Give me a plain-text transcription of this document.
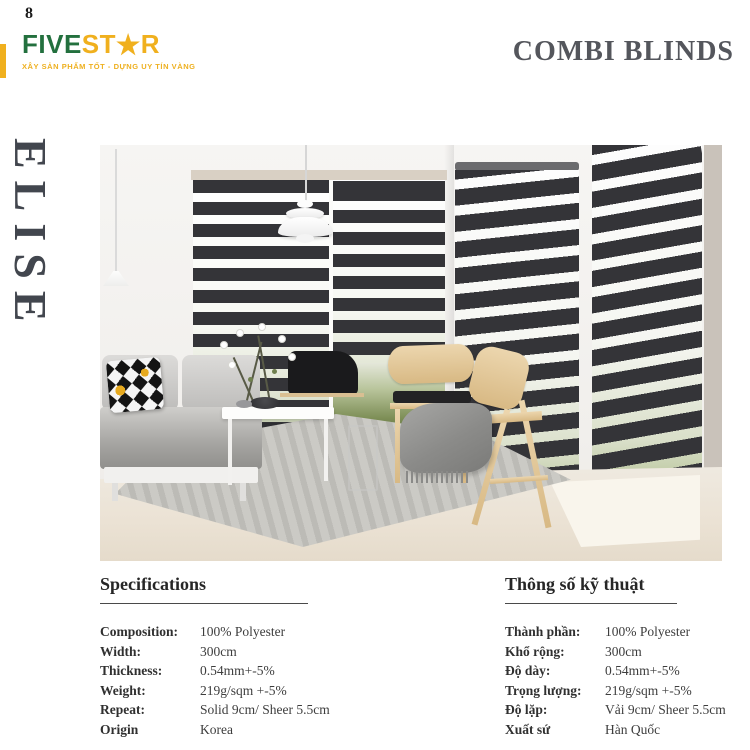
8
FIVEST★R
XÂY SẢN PHẨM TỐT - DỰNG UY TÍN VÀNG	COMBI BLINDS
ELISE
Specifications
Composition:	100% Polyester
Width:	300cm
Thickness:	0.54mm+-5%
Weight:	219g/sqm +-5%
Repeat:	Solid 9cm/ Sheer 5.5cm
Origin	Korea
Thông số kỹ thuật
Thành phần:	100% Polyester
Khổ rộng:	300cm
Độ dày:	0.54mm+-5%
Trọng lượng:	219g/sqm +-5%
Độ lặp:	Vải 9cm/ Sheer 5.5cm
Xuất sứ	Hàn Quốc
